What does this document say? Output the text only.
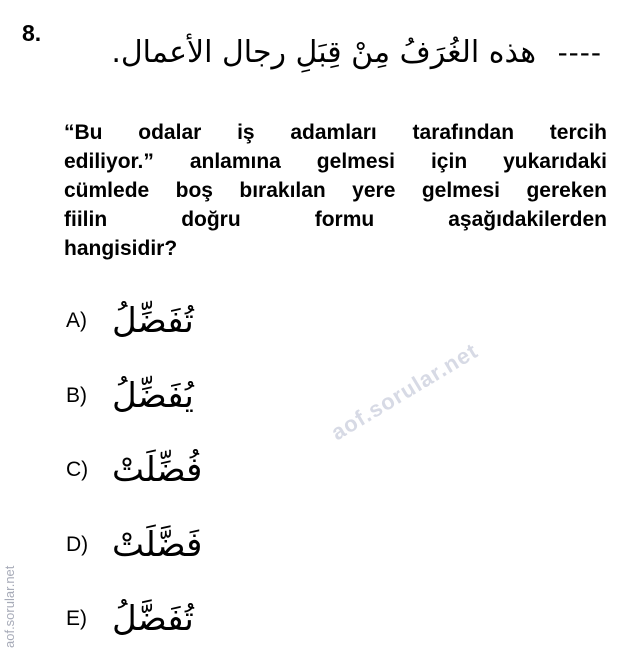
8.
---- هذه الغُرَفُ مِنْ قِبَلِ رجال الأعمال.
“Bu odalar iş adamları tarafından tercih
ediliyor.” anlamına gelmesi için yukarıdaki
cümlede boş bırakılan yere gelmesi gereken
fiilin doğru formu aşağıdakilerden
hangisidir?
A) تُفَضِّلُ
B) يُفَضِّلُ
C) فُضِّلَتْ
D) فَضَّلَتْ
E) تُفَضَّلُ
aof.sorular.net
aof.sorular.net
